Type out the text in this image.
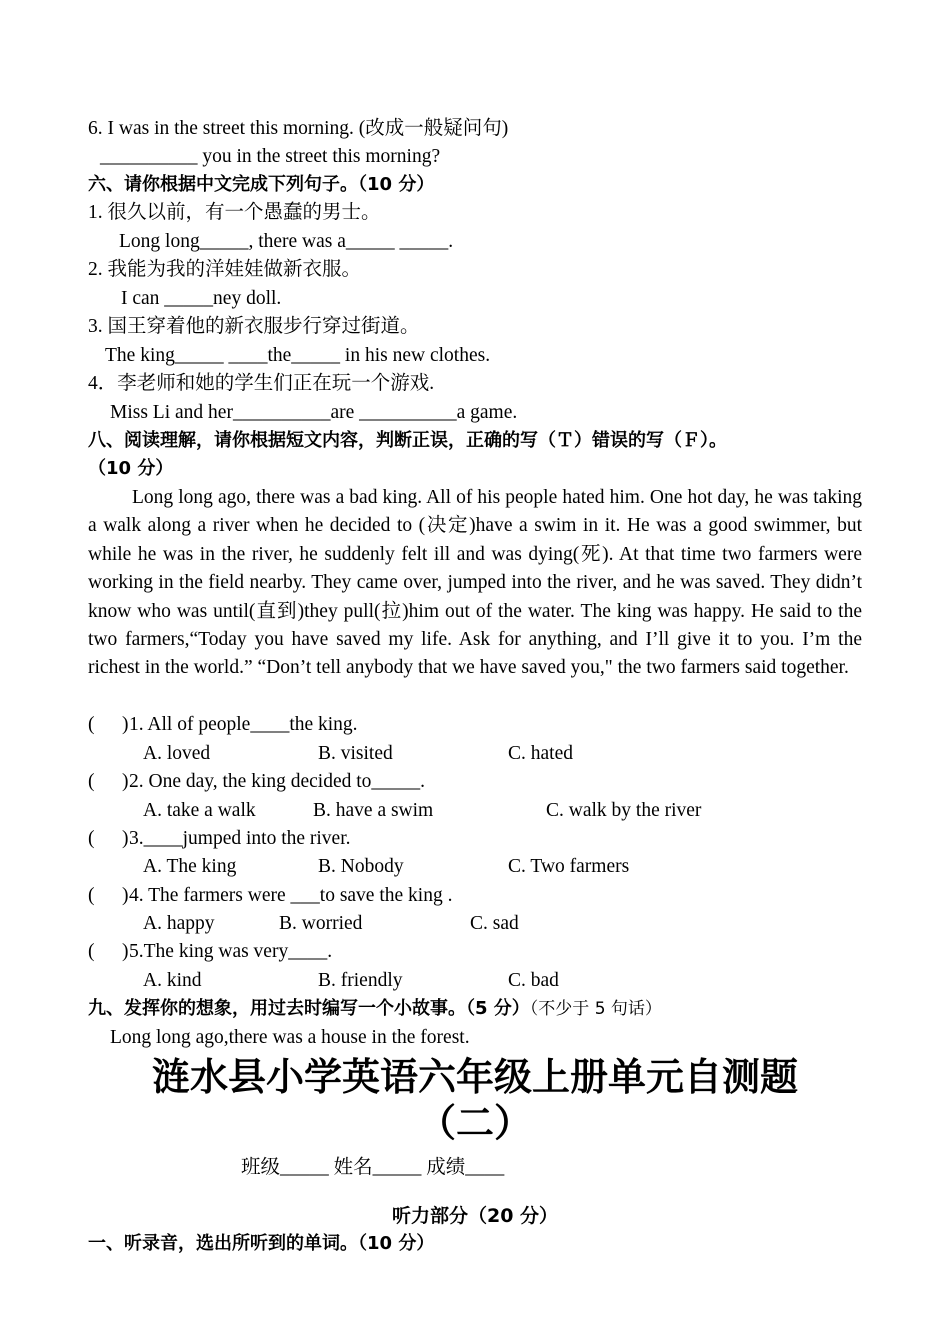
6. I was in the street this morning. (改成一般疑问句)
__________ you in the street this morning?
六、请你根据中文完成下列句子。（10 分）
1. 很久以前，有一个愚蠢的男士。
Long long_____, there was a_____ _____.
2. 我能为我的洋娃娃做新衣服。
I can _____ney doll.
3. 国王穿着他的新衣服步行穿过街道。
The king_____ ____the_____ in his new clothes.
4．李老师和她的学生们正在玩一个游戏.
Miss Li and her__________are __________a game.
八、阅读理解，请你根据短文内容，判断正误，正确的写（Ｔ）错误的写（Ｆ）。
（10 分）
Long long ago, there was a bad king. All of his people hated him. One hot day, he was taking a walk along a river when he decided to (决定)have a swim in it. He was a good swimmer, but while he was in the river, he suddenly felt ill and was dying(死). At that time two farmers were working in the field nearby. They came over, jumped into the river, and he was saved. They didn’t know who was until(直到)they pull(拉)him out of the water. The king was happy. He said to the two farmers,“Today you have saved my life. Ask for anything, and I’ll give it to you. I’m the richest in the world.” “Don’t tell anybody that we have saved you," the two farmers said together.
( ) 1. All of people____the king.
A. loved	B. visited	C. hated
( ) 2. One day, the king decided to_____.
A. take a walk	B. have a swim	C. walk by the river
( ) 3.____jumped into the river.
A. The king	B. Nobody	C. Two farmers
( ) 4. The farmers were ___to save the king .
A. happy	B. worried	C. sad
( ) 5.The king was very____.
A. kind	B. friendly	C. bad
九、发挥你的想象，用过去时编写一个小故事。（5 分）（不少于 5 句话）
Long long ago,there was a house in the forest.
涟水县小学英语六年级上册单元自测题
（二）
班级_____ 姓名_____ 成绩____
听力部分（20 分）
一、听录音，选出所听到的单词。（10 分）
